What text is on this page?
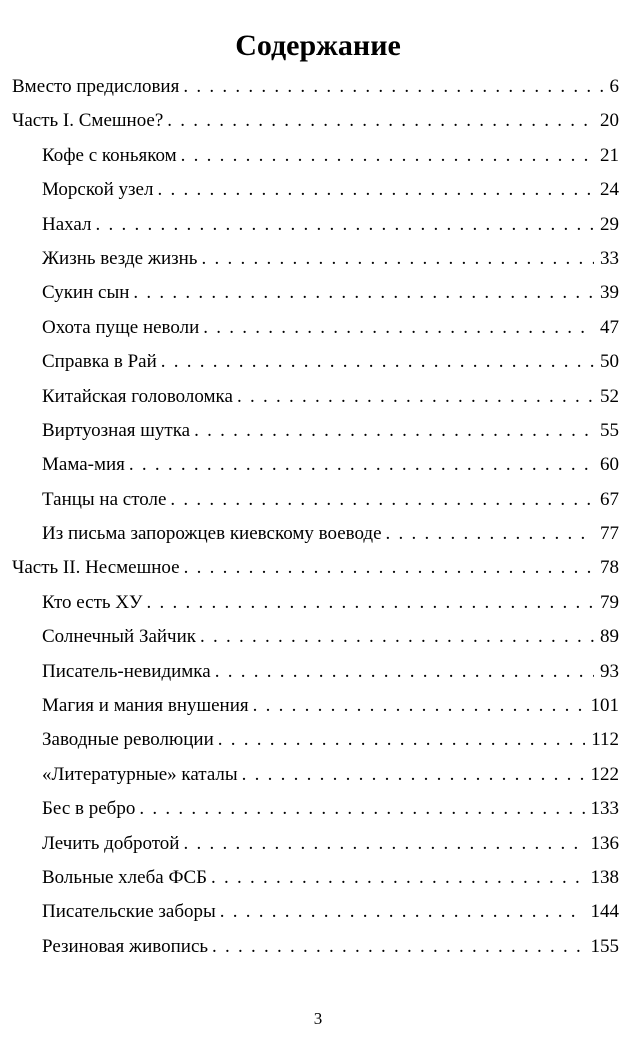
Содержание
Вместо предисловия . . .	6
Часть I. Смешное? . . .	20
Кофе с коньяком . . .	21
Морской узел . . .	24
Нахал . . .	29
Жизнь везде жизнь . . .	33
Сукин сын . . .	39
Охота пуще неволи . . .	47
Справка в Рай . . .	50
Китайская головоломка . . .	52
Виртуозная шутка . . .	55
Мама-мия . . .	60
Танцы на столе . . .	67
Из письма запорожцев киевскому воеводе . . .	77
Часть II. Несмешное . . .	78
Кто есть ХУ . . .	79
Солнечный Зайчик . . .	89
Писатель-невидимка . . .	93
Магия и мания внушения . . .	101
Заводные революции . . .	112
«Литературные» каталы . . .	122
Бес в ребро . . .	133
Лечить добротой . . .	136
Вольные хлеба ФСБ . . .	138
Писательские заборы . . .	144
Резиновая живопись . . .	155
3
